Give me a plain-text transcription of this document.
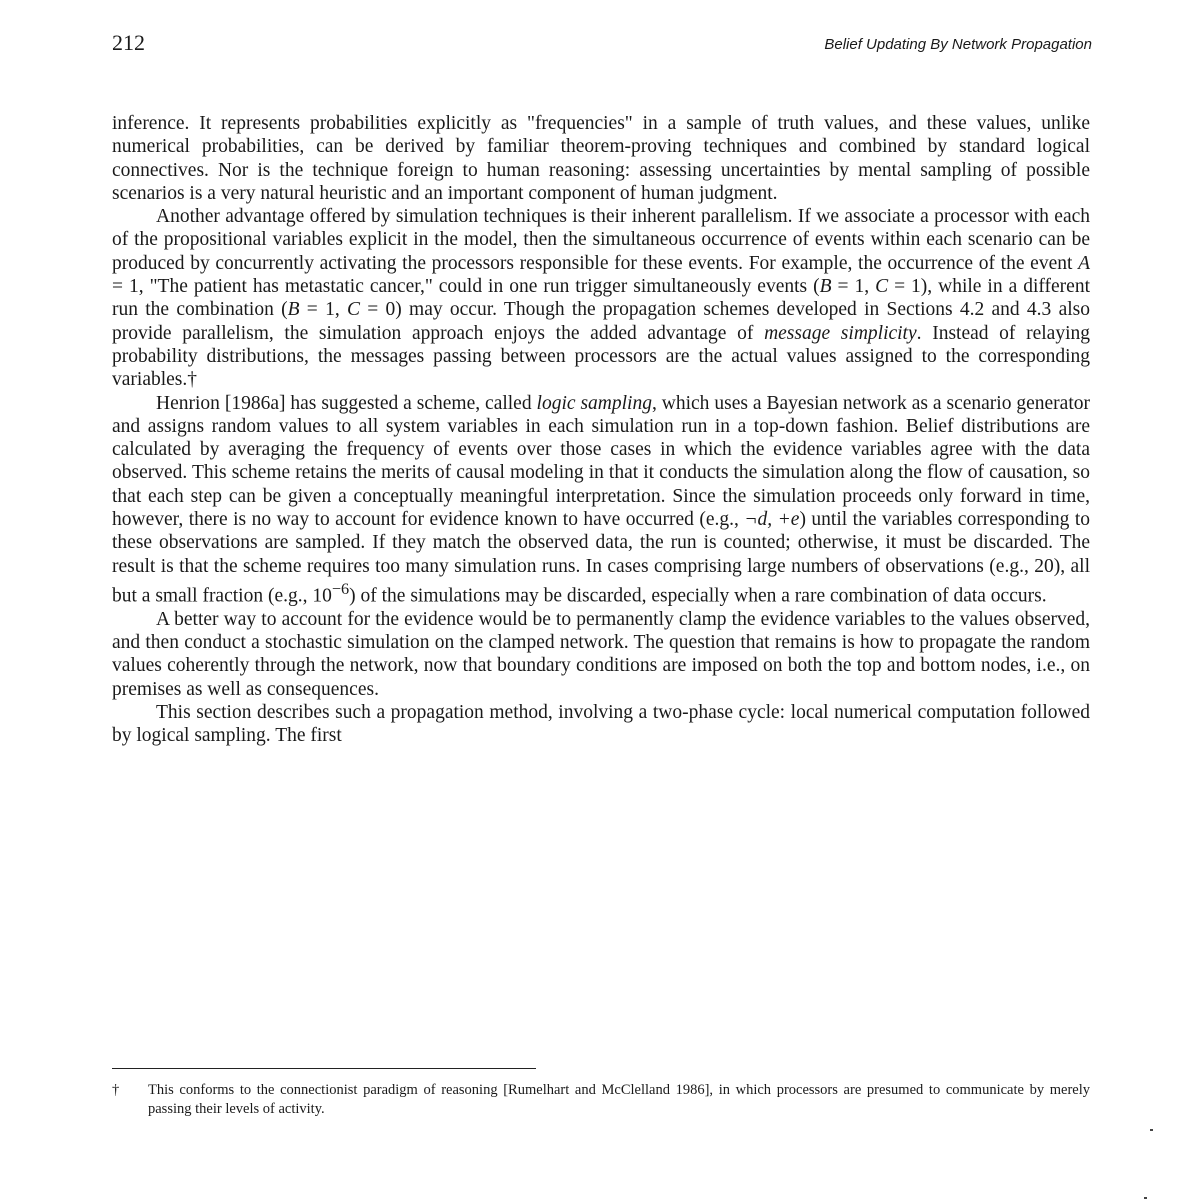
212	Belief Updating By Network Propagation

inference. It represents probabilities explicitly as "frequencies" in a sample of truth values, and these values, unlike numerical probabilities, can be derived by familiar theorem-proving techniques and combined by standard logical connectives. Nor is the technique foreign to human reasoning: assessing uncertainties by mental sampling of possible scenarios is a very natural heuristic and an important component of human judgment.

Another advantage offered by simulation techniques is their inherent parallelism. If we associate a processor with each of the propositional variables explicit in the model, then the simultaneous occurrence of events within each scenario can be produced by concurrently activating the processors responsible for these events. For example, the occurrence of the event A = 1, "The patient has metastatic cancer," could in one run trigger simultaneously events (B = 1, C = 1), while in a different run the combination (B = 1, C = 0) may occur. Though the propagation schemes developed in Sections 4.2 and 4.3 also provide parallelism, the simulation approach enjoys the added advantage of message simplicity. Instead of relaying probability distributions, the messages passing between processors are the actual values assigned to the corresponding variables.†

Henrion [1986a] has suggested a scheme, called logic sampling, which uses a Bayesian network as a scenario generator and assigns random values to all system variables in each simulation run in a top-down fashion. Belief distributions are calculated by averaging the frequency of events over those cases in which the evidence variables agree with the data observed. This scheme retains the merits of causal modeling in that it conducts the simulation along the flow of causation, so that each step can be given a conceptually meaningful interpretation. Since the simulation proceeds only forward in time, however, there is no way to account for evidence known to have occurred (e.g., ¬d, +e) until the variables corresponding to these observations are sampled. If they match the observed data, the run is counted; otherwise, it must be discarded. The result is that the scheme requires too many simulation runs. In cases comprising large numbers of observations (e.g., 20), all but a small fraction (e.g., $10^{-6}$) of the simulations may be discarded, especially when a rare combination of data occurs.

A better way to account for the evidence would be to permanently clamp the evidence variables to the values observed, and then conduct a stochastic simulation on the clamped network. The question that remains is how to propagate the random values coherently through the network, now that boundary conditions are imposed on both the top and bottom nodes, i.e., on premises as well as consequences.

This section describes such a propagation method, involving a two-phase cycle: local numerical computation followed by logical sampling. The first

† This conforms to the connectionist paradigm of reasoning [Rumelhart and McClelland 1986], in which processors are presumed to communicate by merely passing their levels of activity.
